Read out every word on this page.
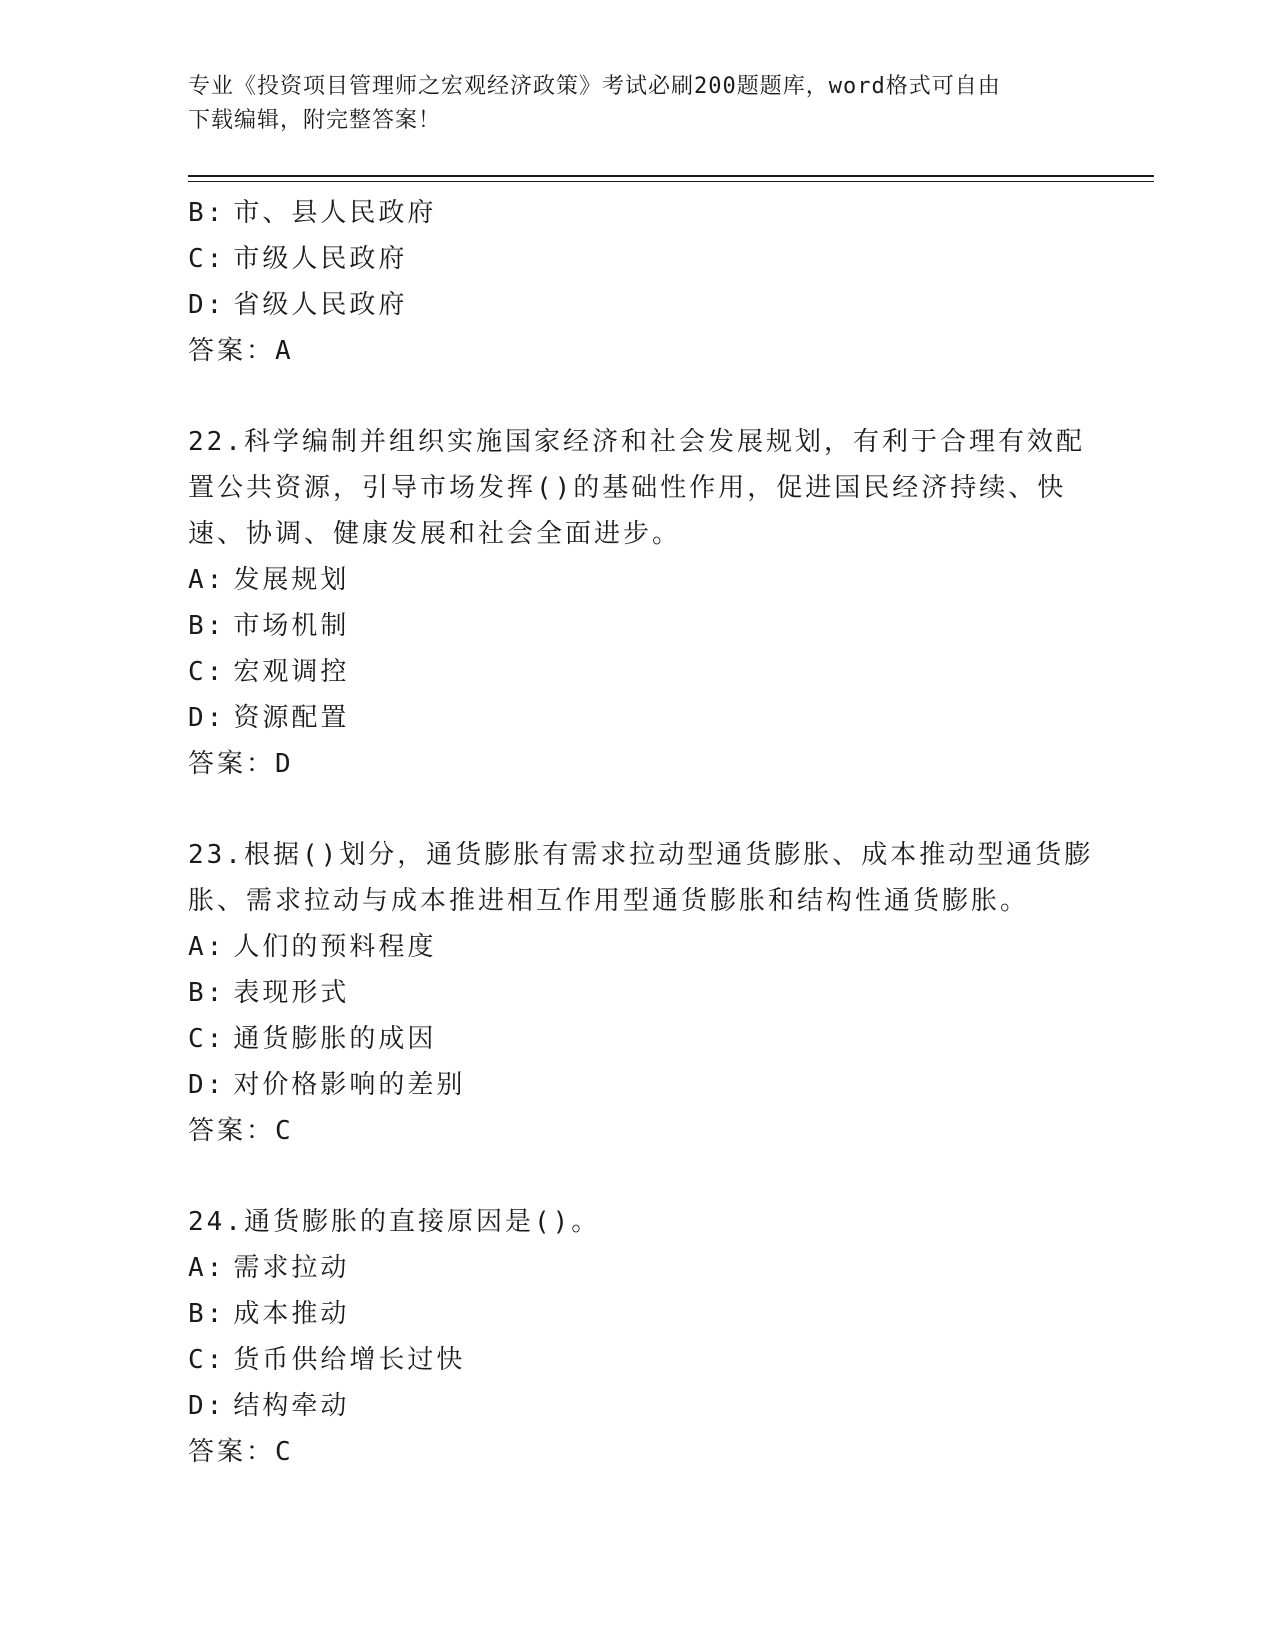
专业《投资项目管理师之宏观经济政策》考试必刷200题题库，word格式可自由
下载编辑，附完整答案！
B: 市、县人民政府
C: 市级人民政府
D: 省级人民政府
答案：A
22.科学编制并组织实施国家经济和社会发展规划，有利于合理有效配
置公共资源，引导市场发挥()的基础性作用，促进国民经济持续、快
速、协调、健康发展和社会全面进步。
A: 发展规划
B: 市场机制
C: 宏观调控
D: 资源配置
答案：D
23.根据()划分，通货膨胀有需求拉动型通货膨胀、成本推动型通货膨
胀、需求拉动与成本推进相互作用型通货膨胀和结构性通货膨胀。
A: 人们的预料程度
B: 表现形式
C: 通货膨胀的成因
D: 对价格影响的差别
答案：C
24.通货膨胀的直接原因是()。
A: 需求拉动
B: 成本推动
C: 货币供给增长过快
D: 结构牵动
答案：C
